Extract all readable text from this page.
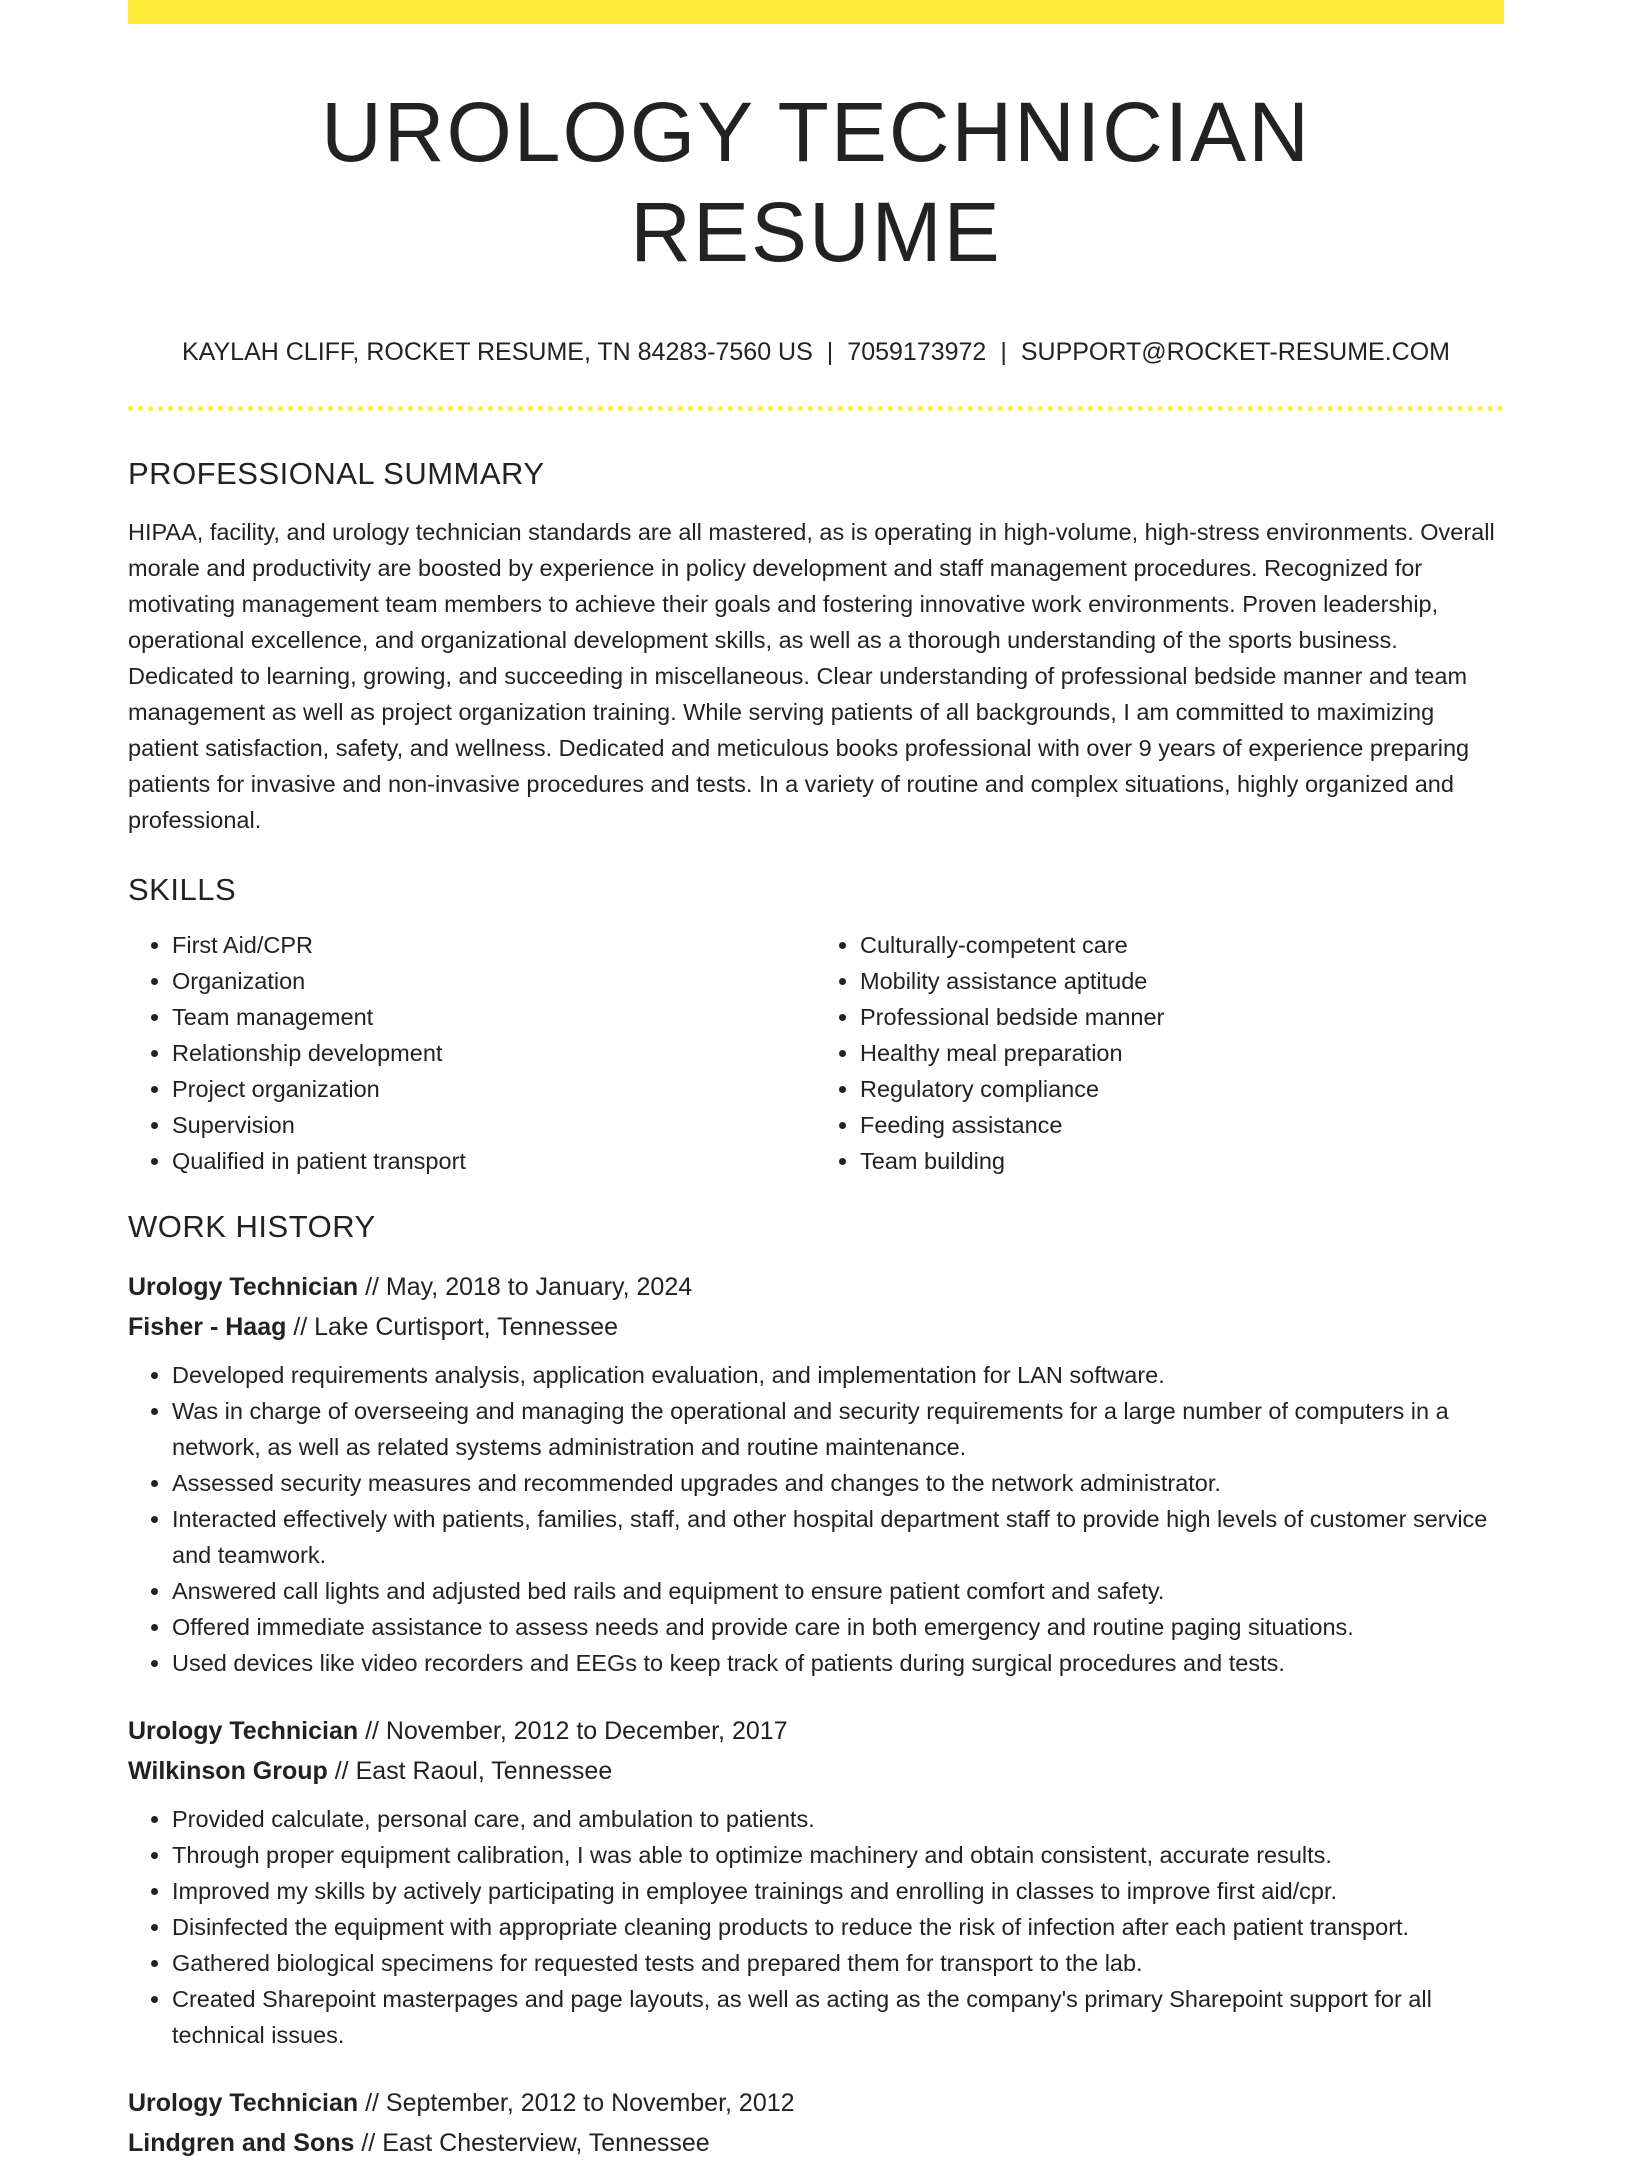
UROLOGY TECHNICIAN RESUME
KAYLAH CLIFF, ROCKET RESUME, TN 84283-7560 US | 7059173972 | SUPPORT@ROCKET-RESUME.COM
PROFESSIONAL SUMMARY
HIPAA, facility, and urology technician standards are all mastered, as is operating in high-volume, high-stress environments. Overall morale and productivity are boosted by experience in policy development and staff management procedures. Recognized for motivating management team members to achieve their goals and fostering innovative work environments. Proven leadership, operational excellence, and organizational development skills, as well as a thorough understanding of the sports business. Dedicated to learning, growing, and succeeding in miscellaneous. Clear understanding of professional bedside manner and team management as well as project organization training. While serving patients of all backgrounds, I am committed to maximizing patient satisfaction, safety, and wellness. Dedicated and meticulous books professional with over 9 years of experience preparing patients for invasive and non-invasive procedures and tests. In a variety of routine and complex situations, highly organized and professional.
SKILLS
• First Aid/CPR
• Organization
• Team management
• Relationship development
• Project organization
• Supervision
• Qualified in patient transport
• Culturally-competent care
• Mobility assistance aptitude
• Professional bedside manner
• Healthy meal preparation
• Regulatory compliance
• Feeding assistance
• Team building
WORK HISTORY
Urology Technician // May, 2018 to January, 2024
Fisher - Haag // Lake Curtisport, Tennessee
• Developed requirements analysis, application evaluation, and implementation for LAN software.
• Was in charge of overseeing and managing the operational and security requirements for a large number of computers in a network, as well as related systems administration and routine maintenance.
• Assessed security measures and recommended upgrades and changes to the network administrator.
• Interacted effectively with patients, families, staff, and other hospital department staff to provide high levels of customer service and teamwork.
• Answered call lights and adjusted bed rails and equipment to ensure patient comfort and safety.
• Offered immediate assistance to assess needs and provide care in both emergency and routine paging situations.
• Used devices like video recorders and EEGs to keep track of patients during surgical procedures and tests.
Urology Technician // November, 2012 to December, 2017
Wilkinson Group // East Raoul, Tennessee
• Provided calculate, personal care, and ambulation to patients.
• Through proper equipment calibration, I was able to optimize machinery and obtain consistent, accurate results.
• Improved my skills by actively participating in employee trainings and enrolling in classes to improve first aid/cpr.
• Disinfected the equipment with appropriate cleaning products to reduce the risk of infection after each patient transport.
• Gathered biological specimens for requested tests and prepared them for transport to the lab.
• Created Sharepoint masterpages and page layouts, as well as acting as the company's primary Sharepoint support for all technical issues.
Urology Technician // September, 2012 to November, 2012
Lindgren and Sons // East Chesterview, Tennessee
